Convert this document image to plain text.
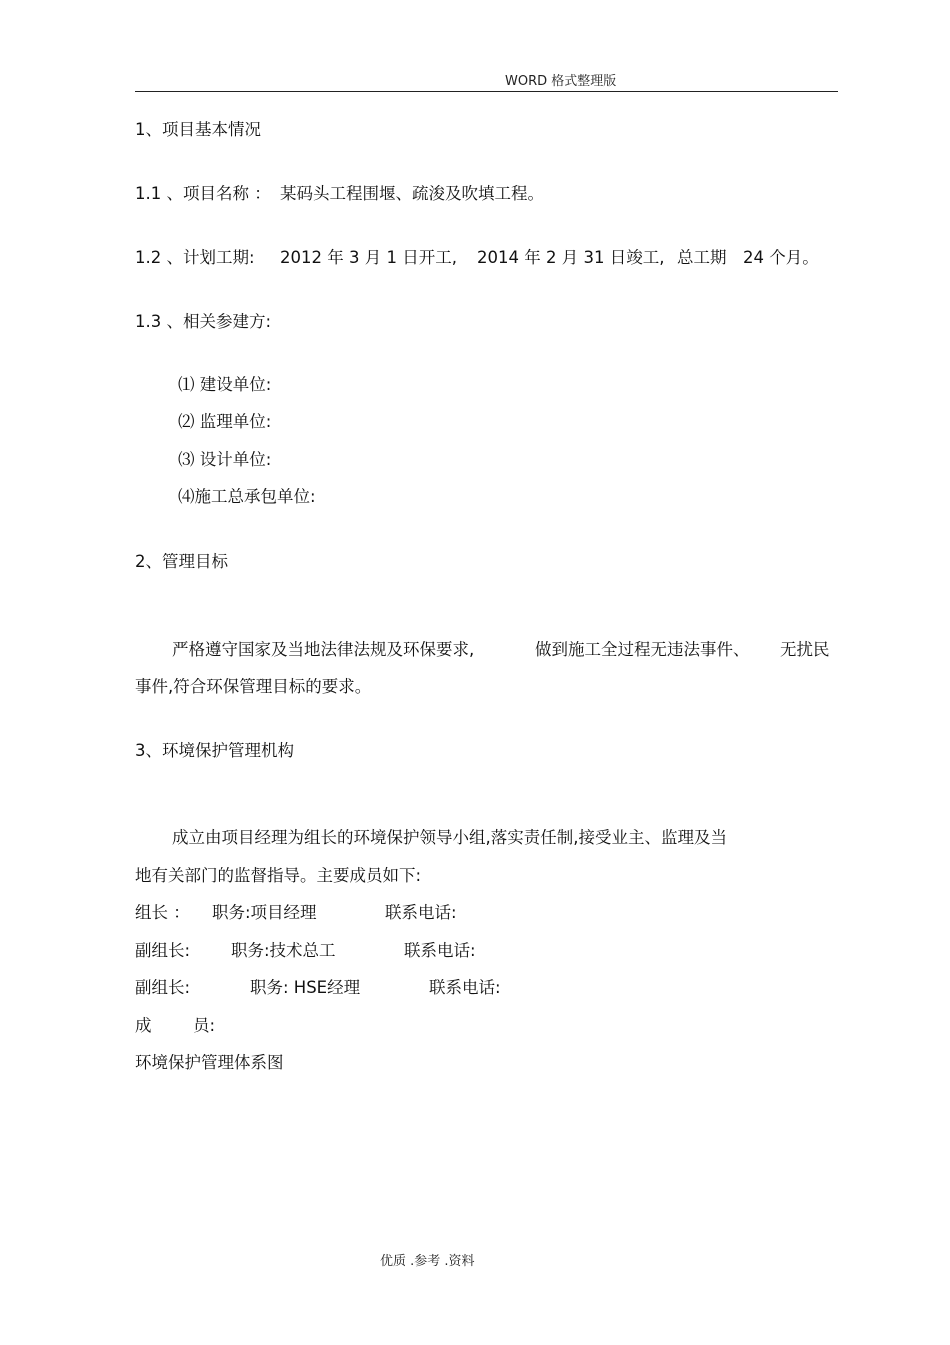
WORD 格式整理版
1、项目基本情况
1.1 、项目名称 ： 某码头工程围堰、疏浚及吹填工程。
1.2 、计划工期: 2012 年 3 月 1 日开工, 2014 年 2 月 31 日竣工, 总工期 24 个月。
1.3 、相关参建方:
⑴ 建设单位:
⑵ 监理单位:
⑶ 设计单位:
⑷施工总承包单位:
2、管理目标
严格遵守国家及当地法律法规及环保要求,	做到施工全过程无违法事件、 无扰民
事件,符合环保管理目标的要求。
3、环境保护管理机构
成立由项目经理为组长的环境保护领导小组,落实责任制,接受业主、监理及当
地有关部门的监督指导。主要成员如下:
组长 ： 职务:项目经理	联系电话:
副组长: 职务:技术总工	联系电话:
副组长:	职务: HSE经理	联系电话:
成	员:
环境保护管理体系图
优质 .参考 .资料
